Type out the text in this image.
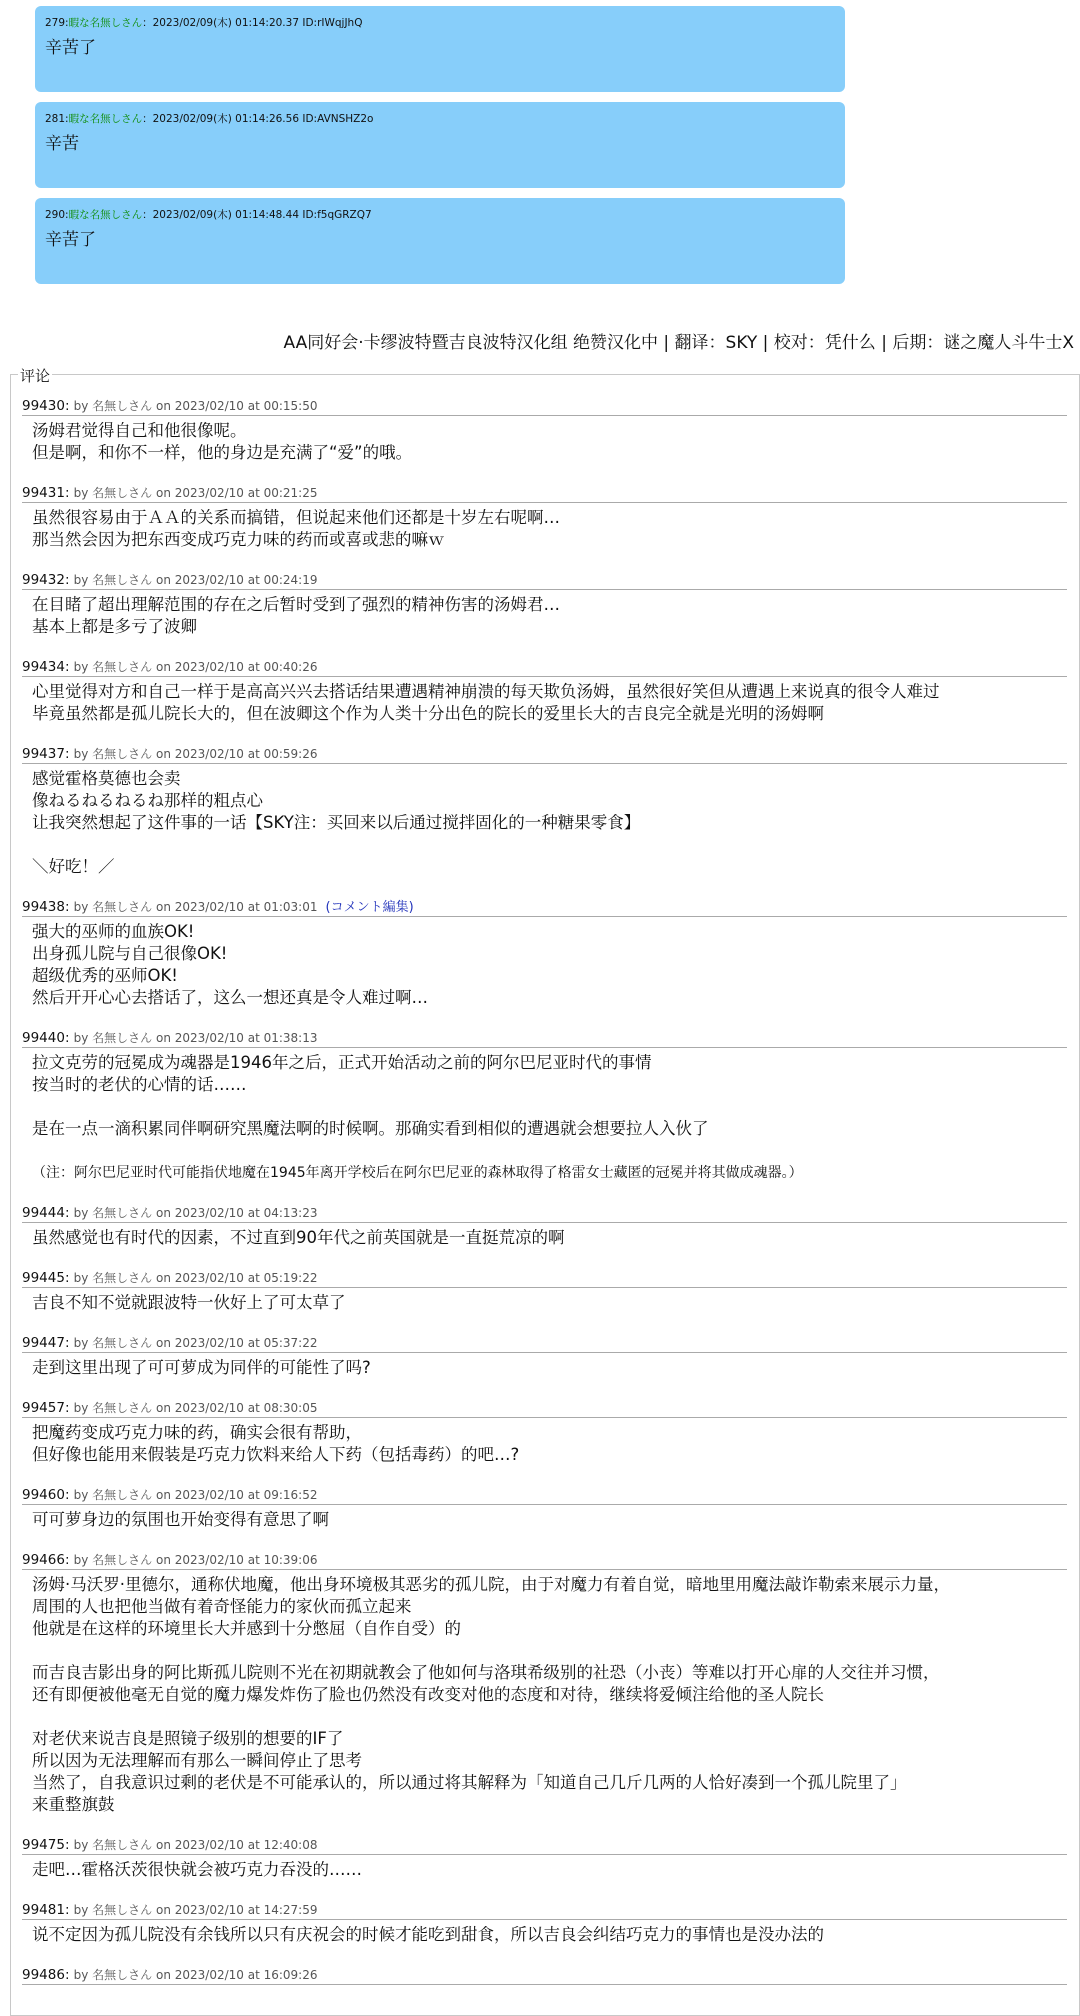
279:暇な名無しさん：2023/02/09(木) 01:14:20.37 ID:rIWqjJhQ
辛苦了
281:暇な名無しさん：2023/02/09(木) 01:14:26.56 ID:AVNSHZ2o
辛苦
290:暇な名無しさん：2023/02/09(木) 01:14:48.44 ID:f5qGRZQ7
辛苦了
AA同好会·卡缪波特暨吉良波特汉化组 绝赞汉化中 | 翻译：SKY | 校对：凭什么 | 后期：谜之魔人斗牛士X
评论
99430: by 名無しさん on 2023/02/10 at 00:15:50
汤姆君觉得自己和他很像呢。
但是啊，和你不一样，他的身边是充满了“爱”的哦。
99431: by 名無しさん on 2023/02/10 at 00:21:25
虽然很容易由于ＡＡ的关系而搞错，但说起来他们还都是十岁左右呢啊…
那当然会因为把东西变成巧克力味的药而或喜或悲的嘛ｗ
99432: by 名無しさん on 2023/02/10 at 00:24:19
在目睹了超出理解范围的存在之后暂时受到了强烈的精神伤害的汤姆君…
基本上都是多亏了波卿
99434: by 名無しさん on 2023/02/10 at 00:40:26
心里觉得对方和自己一样于是高高兴兴去搭话结果遭遇精神崩溃的每天欺负汤姆，虽然很好笑但从遭遇上来说真的很令人难过
毕竟虽然都是孤儿院长大的，但在波卿这个作为人类十分出色的院长的爱里长大的吉良完全就是光明的汤姆啊
99437: by 名無しさん on 2023/02/10 at 00:59:26
感觉霍格莫德也会卖
像ねるねるねるね那样的粗点心
让我突然想起了这件事的一话【SKY注：买回来以后通过搅拌固化的一种糖果零食】
＼好吃！／
99438: by 名無しさん on 2023/02/10 at 01:03:01 (コメント編集)
强大的巫师的血族OK!
出身孤儿院与自己很像OK!
超级优秀的巫师OK!
然后开开心心去搭话了，这么一想还真是令人难过啊…
99440: by 名無しさん on 2023/02/10 at 01:38:13
拉文克劳的冠冕成为魂器是1946年之后，正式开始活动之前的阿尔巴尼亚时代的事情
按当时的老伏的心情的话……
是在一点一滴积累同伴啊研究黑魔法啊的时候啊。那确实看到相似的遭遇就会想要拉人入伙了
（注：阿尔巴尼亚时代可能指伏地魔在1945年离开学校后在阿尔巴尼亚的森林取得了格雷女士藏匿的冠冕并将其做成魂器。）
99444: by 名無しさん on 2023/02/10 at 04:13:23
虽然感觉也有时代的因素，不过直到90年代之前英国就是一直挺荒凉的啊
99445: by 名無しさん on 2023/02/10 at 05:19:22
吉良不知不觉就跟波特一伙好上了可太草了
99447: by 名無しさん on 2023/02/10 at 05:37:22
走到这里出现了可可萝成为同伴的可能性了吗?
99457: by 名無しさん on 2023/02/10 at 08:30:05
把魔药变成巧克力味的药，确实会很有帮助，
但好像也能用来假装是巧克力饮料来给人下药（包括毒药）的吧…?
99460: by 名無しさん on 2023/02/10 at 09:16:52
可可萝身边的氛围也开始变得有意思了啊
99466: by 名無しさん on 2023/02/10 at 10:39:06
汤姆·马沃罗·里德尔，通称伏地魔，他出身环境极其恶劣的孤儿院，由于对魔力有着自觉，暗地里用魔法敲诈勒索来展示力量，
周围的人也把他当做有着奇怪能力的家伙而孤立起来
他就是在这样的环境里长大并感到十分憋屈（自作自受）的
而吉良吉影出身的阿比斯孤儿院则不光在初期就教会了他如何与洛琪希级别的社恐（小丧）等难以打开心扉的人交往并习惯，
还有即便被他毫无自觉的魔力爆发炸伤了脸也仍然没有改变对他的态度和对待，继续将爱倾注给他的圣人院长
对老伏来说吉良是照镜子级别的想要的IF了
所以因为无法理解而有那么一瞬间停止了思考
当然了，自我意识过剩的老伏是不可能承认的，所以通过将其解释为「知道自己几斤几两的人恰好凑到一个孤儿院里了」
来重整旗鼓
99475: by 名無しさん on 2023/02/10 at 12:40:08
走吧…霍格沃茨很快就会被巧克力吞没的……
99481: by 名無しさん on 2023/02/10 at 14:27:59
说不定因为孤儿院没有余钱所以只有庆祝会的时候才能吃到甜食，所以吉良会纠结巧克力的事情也是没办法的
99486: by 名無しさん on 2023/02/10 at 16:09:26
